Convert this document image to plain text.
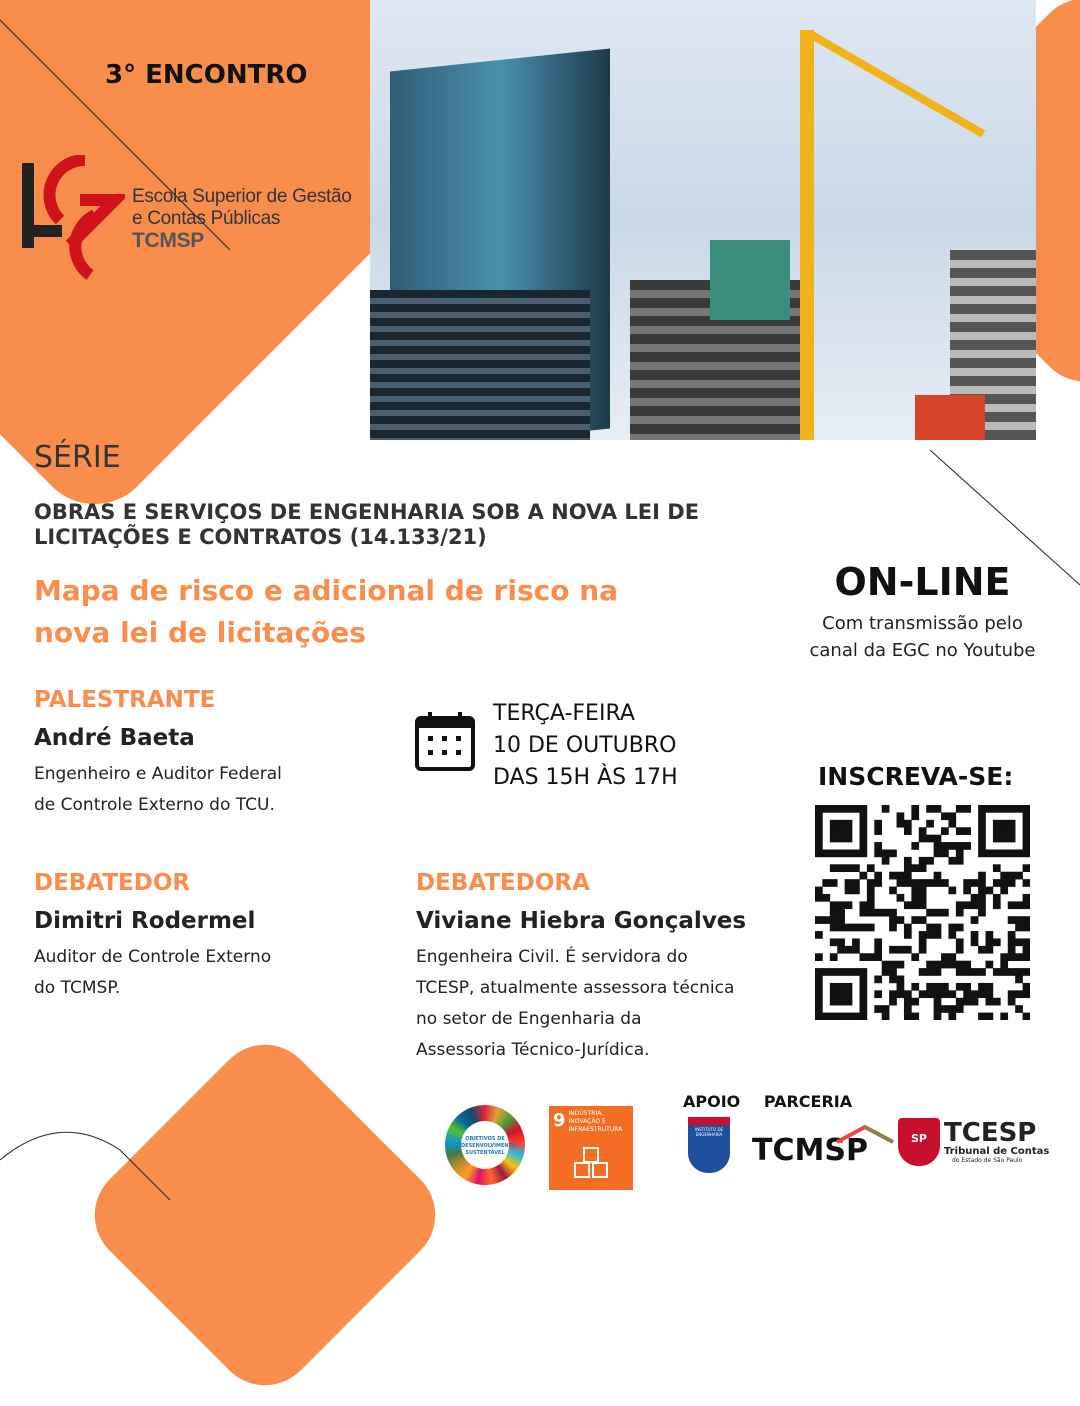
3° ENCONTRO
Escola Superior de Gestão
e Contas Públicas
TCMSP
SÉRIE
OBRAS E SERVIÇOS DE ENGENHARIA SOB A NOVA LEI DE LICITAÇÕES E CONTRATOS (14.133/21)
Mapa de risco e adicional de risco na nova lei de licitações
ON-LINE
Com transmissão pelo
canal da EGC no Youtube
PALESTRANTE
André Baeta
Engenheiro e Auditor Federal
de Controle Externo do TCU.
TERÇA-FEIRA
10 DE OUTUBRO
DAS 15H ÀS 17H	INSCREVA-SE:
DEBATEDOR
Dimitri Rodermel
Auditor de Controle Externo
do TCMSP.
DEBATEDORA
Viviane Hiebra Gonçalves
Engenheira Civil. É servidora do
TCESP, atualmente assessora técnica
no setor de Engenharia da
Assessoria Técnico-Jurídica.
OBJETIVOS DE DESENVOLVIMENTO SUSTENTÁVEL
9 INDÚSTRIA, INOVAÇÃO E INFRAESTRUTURA
APOIO PARCERIA
INSTITUTO DE ENGENHARIA TCMSP	SP TCESP
Tribunal de Contas
do Estado de São Paulo
